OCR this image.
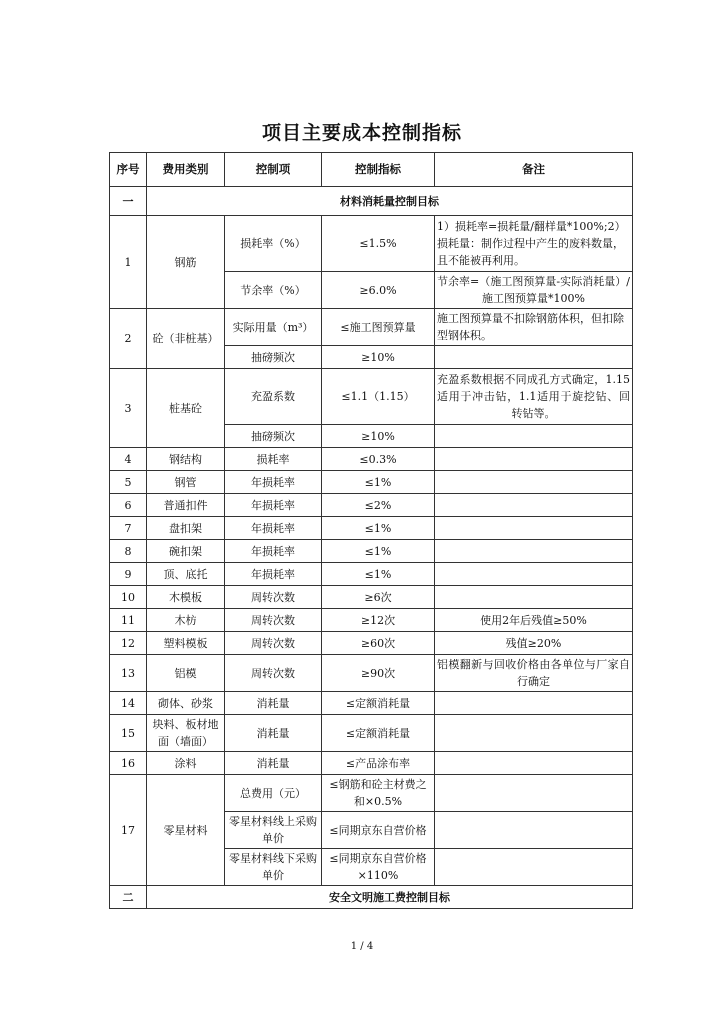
项目主要成本控制指标
序号	费用类别	控制项	控制指标	备注
一	材料消耗量控制目标			
1	钢筋	损耗率（%）	≤1.5%	1）损耗率=损耗量/翻样量*100%;2）损耗量：制作过程中产生的废料数量，且不能被再利用。
		节余率（%）	≥6.0%	节余率=（施工图预算量-实际消耗量）/施工图预算量*100%
2	砼（非桩基）	实际用量（m³）	≤施工图预算量	施工图预算量不扣除钢筋体积，但扣除型钢体积。
		抽磅频次	≥10%	
3	桩基砼	充盈系数	≤1.1（1.15）	充盈系数根据不同成孔方式确定，1.15适用于冲击钻，1.1适用于旋挖钻、回转钻等。
		抽磅频次	≥10%	
4	钢结构	损耗率	≤0.3%	
5	钢管	年损耗率	≤1%	
6	普通扣件	年损耗率	≤2%	
7	盘扣架	年损耗率	≤1%	
8	碗扣架	年损耗率	≤1%	
9	顶、底托	年损耗率	≤1%	
10	木模板	周转次数	≥6次	
11	木枋	周转次数	≥12次	使用2年后残值≥50%
12	塑料模板	周转次数	≥60次	残值≥20%
13	铝模	周转次数	≥90次	铝模翻新与回收价格由各单位与厂家自行确定
14	砌体、砂浆	消耗量	≤定额消耗量	
15	块料、板材地面（墙面）	消耗量	≤定额消耗量	
16	涂料	消耗量	≤产品涂布率	
17	零星材料	总费用（元）	≤钢筋和砼主材费之和×0.5%	
		零星材料线上采购单价	≤同期京东自营价格	
		零星材料线下采购单价	≤同期京东自营价格×110%	
二	安全文明施工费控制目标			
1 / 4
